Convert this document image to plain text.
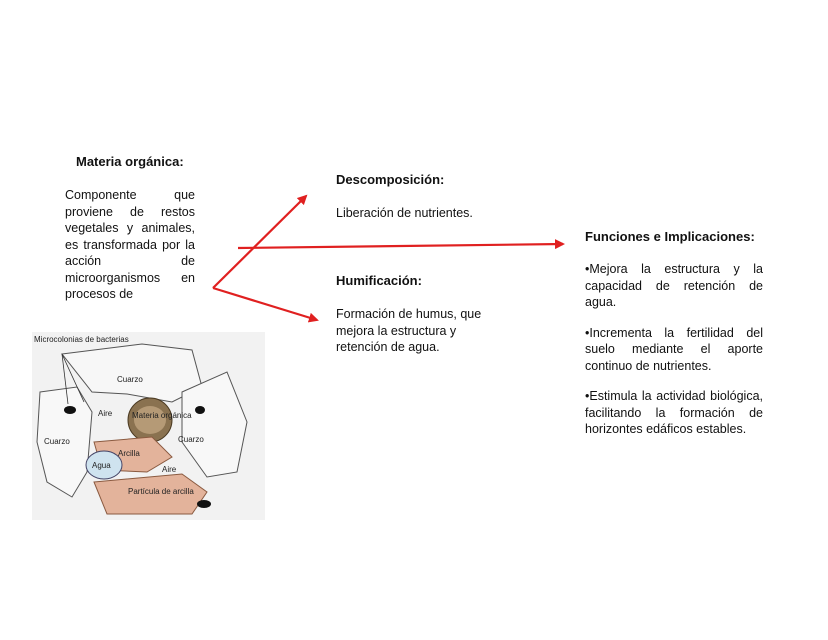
Materia orgánica:
Componente que proviene de restos vegetales y animales, es transformada por la acción de microorganismos en procesos de
Descomposición:
Liberación de nutrientes.
Humificación:
Formación de humus, que mejora la estructura y retención de agua.
Funciones e Implicaciones:

•Mejora la estructura y la capacidad de retención de agua.

•Incrementa la fertilidad del suelo mediante el aporte continuo de nutrientes.

•Estimula la actividad biológica, facilitando la formación de horizontes edáficos estables.

Microcolonias de bacterias
Cuarzo
Aire Materia orgánica
Cuarzo	Cuarzo
Arcilla
Agua	Aire
Partícula de arcilla
